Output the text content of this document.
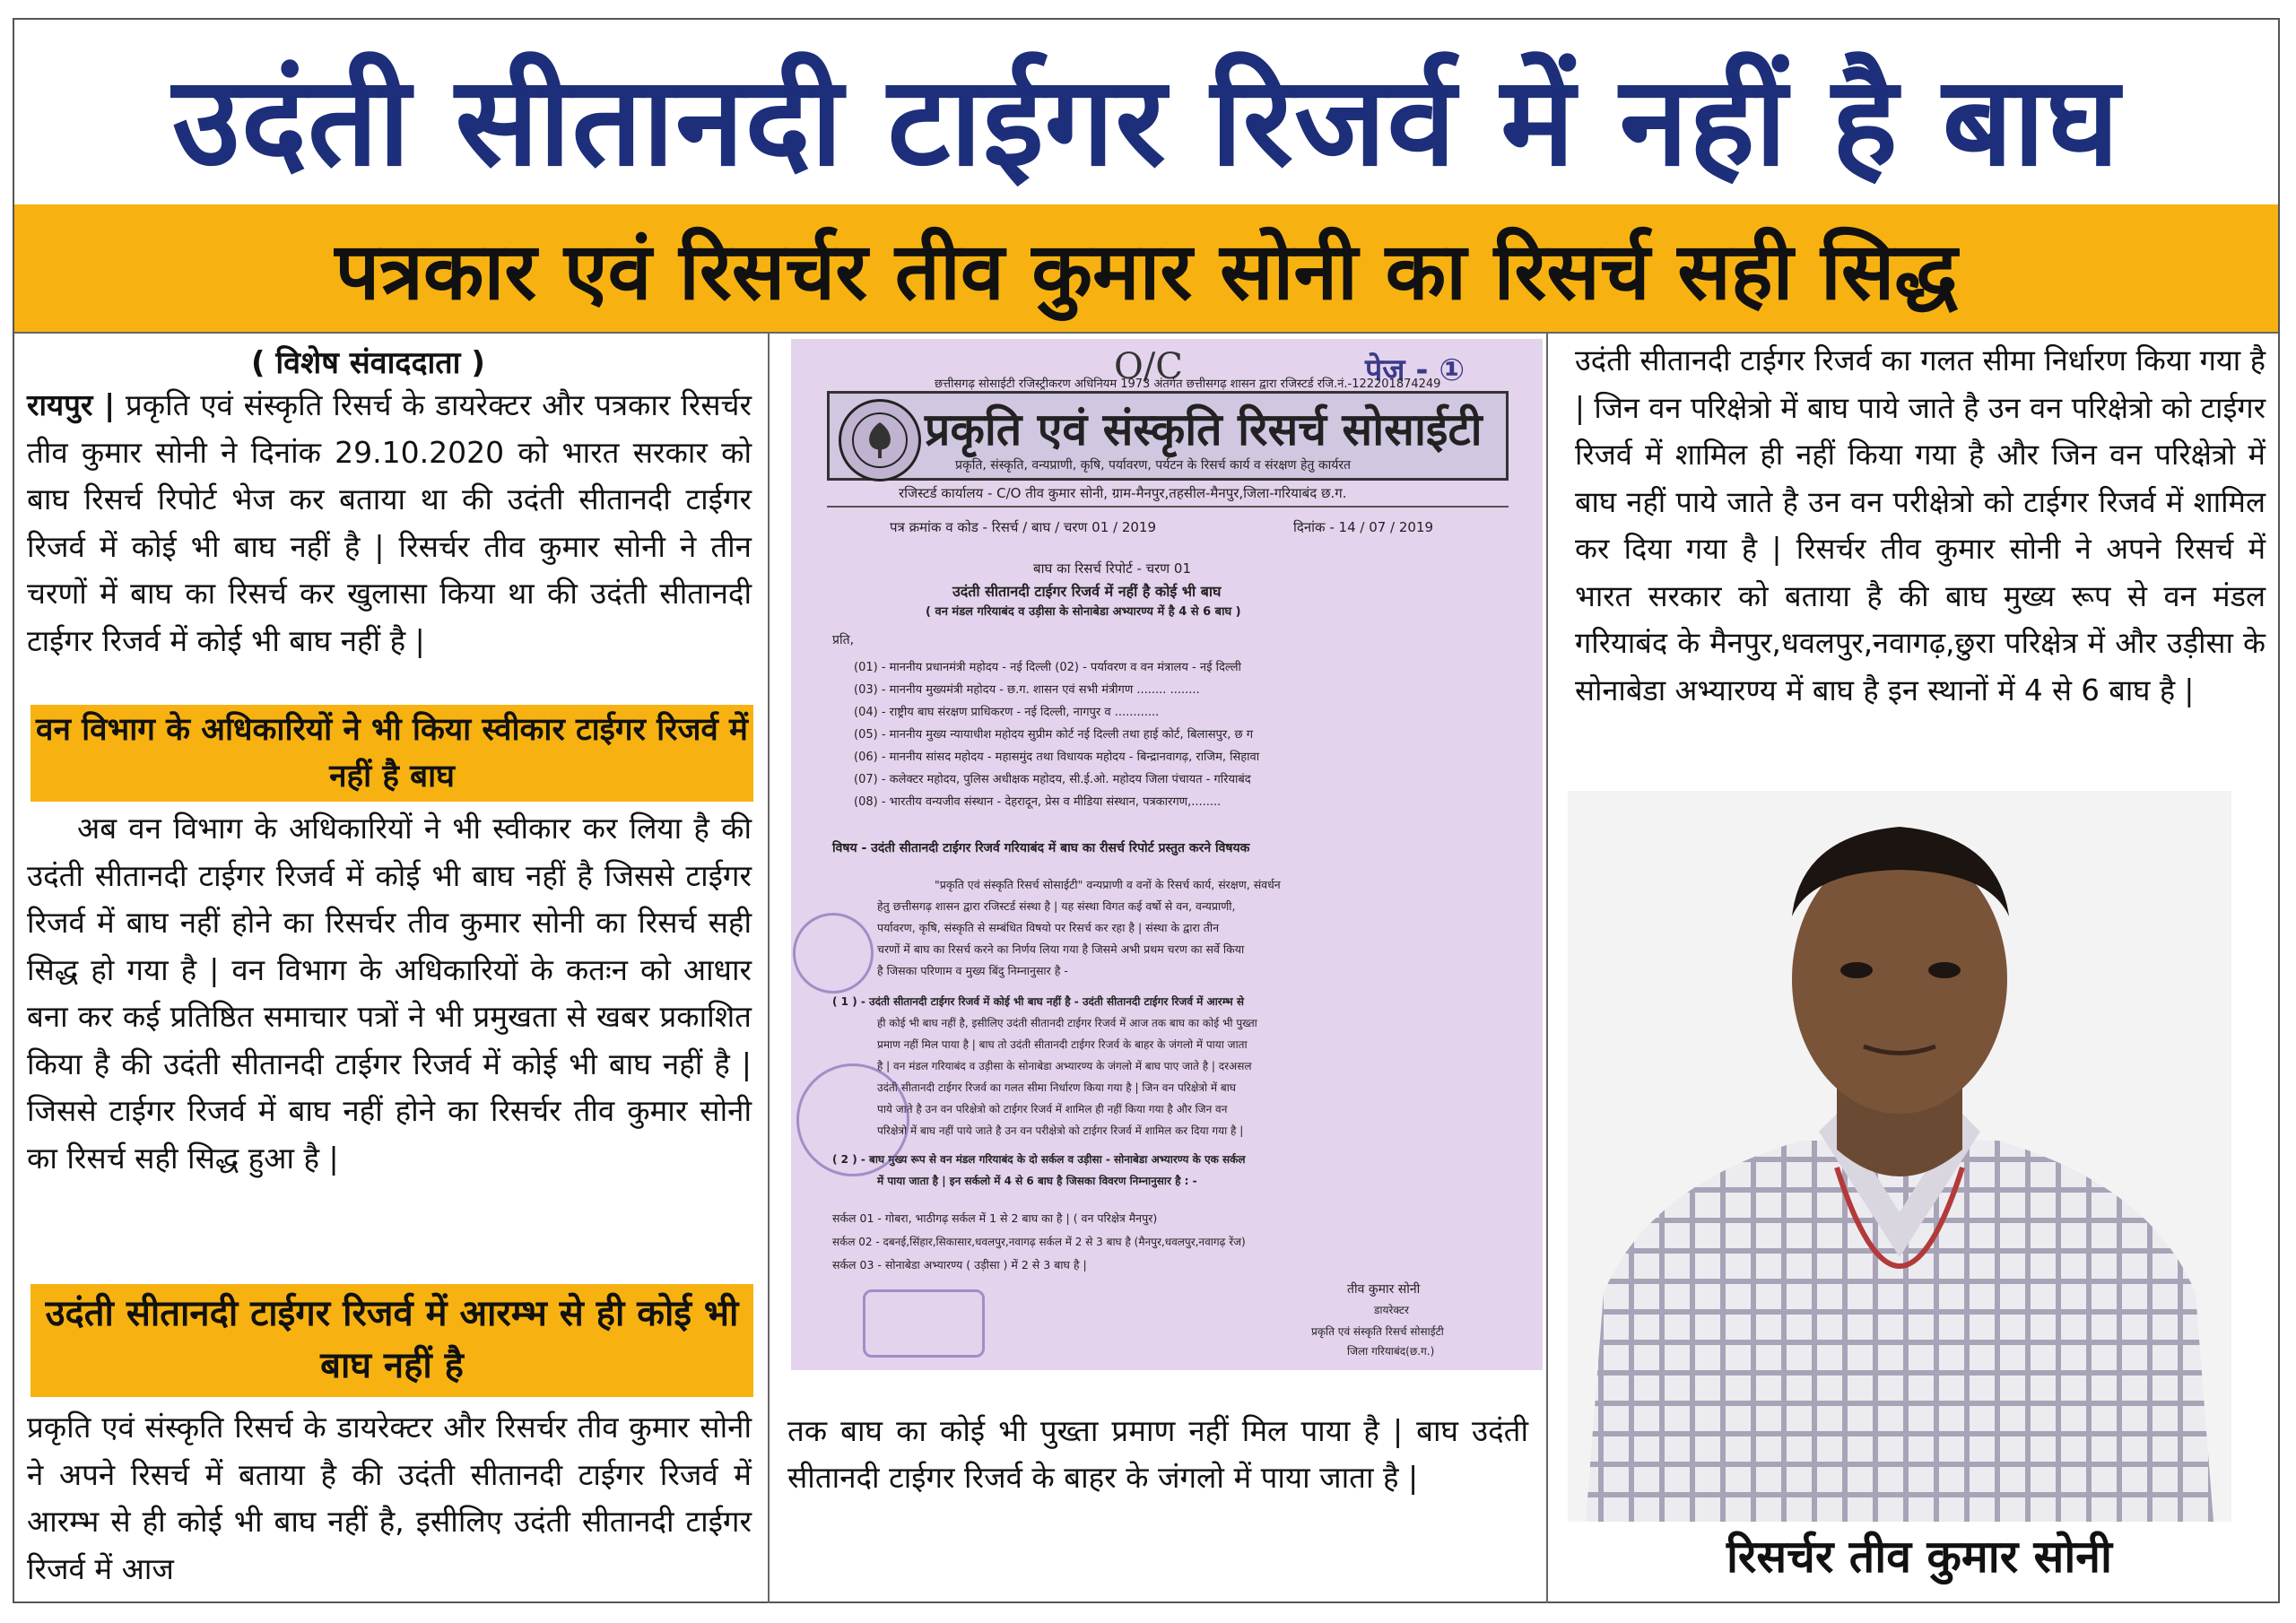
उदंती सीतानदी टाईगर रिजर्व में नहीं है बाघ
पत्रकार एवं रिसर्चर तीव कुमार सोनी का रिसर्च सही सिद्ध
( विशेष संवाददाता )
रायपुर | प्रकृति एवं संस्कृति रिसर्च के डायरेक्टर और पत्रकार रिसर्चर तीव कुमार सोनी ने दिनांक 29.10.2020 को भारत सरकार को बाघ रिसर्च रिपोर्ट भेज कर बताया था की उदंती सीतानदी टाईगर रिजर्व में कोई भी बाघ नहीं है | रिसर्चर तीव कुमार सोनी ने तीन चरणों में बाघ का रिसर्च कर खुलासा किया था की उदंती सीतानदी टाईगर रिजर्व में कोई भी बाघ नहीं है |
वन विभाग के अधिकारियों ने भी किया स्वीकार टाईगर रिजर्व में नहीं है बाघ
अब वन विभाग के अधिकारियों ने भी स्वीकार कर लिया है की उदंती सीतानदी टाईगर रिजर्व में कोई भी बाघ नहीं है जिससे टाईगर रिजर्व में बाघ नहीं होने का रिसर्चर तीव कुमार सोनी का रिसर्च सही सिद्ध हो गया है | वन विभाग के अधिकारियों के कतःन को आधार बना कर कई प्रतिष्ठित समाचार पत्रों ने भी प्रमुखता से खबर प्रकाशित किया है की उदंती सीतानदी टाईगर रिजर्व में कोई भी बाघ नहीं है | जिससे टाईगर रिजर्व में बाघ नहीं होने का रिसर्चर तीव कुमार सोनी का रिसर्च सही सिद्ध हुआ है |
उदंती सीतानदी टाईगर रिजर्व में आरम्भ से ही कोई भी बाघ नहीं है
प्रकृति एवं संस्कृति रिसर्च के डायरेक्टर और रिसर्चर तीव कुमार सोनी ने अपने रिसर्च में बताया है की उदंती सीतानदी टाईगर रिजर्व में आरम्भ से ही कोई भी बाघ नहीं है, इसीलिए उदंती सीतानदी टाईगर रिजर्व में आज
O/C	पेज - ①
छत्तीसगढ़ सोसाईटी रजिस्ट्रीकरण अधिनियम 1973 अंतर्गत छत्तीसगढ़ शासन द्वारा रजिस्टर्ड रजि.नं.-122201874249
प्रकृति एवं संस्कृति रिसर्च सोसाईटी
प्रकृति, संस्कृति, वन्यप्राणी, कृषि, पर्यावरण, पर्यटन के रिसर्च कार्य व संरक्षण हेतु कार्यरत
रजिस्टर्ड कार्यालय - C/O तीव कुमार सोनी, ग्राम-मैनपुर,तहसील-मैनपुर,जिला-गरियाबंद छ.ग.
पत्र क्रमांक व कोड - रिसर्च / बाघ / चरण 01 / 2019	दिनांक - 14 / 07 / 2019
बाघ का रिसर्च रिपोर्ट - चरण 01
उदंती सीतानदी टाईगर रिजर्व में नहीं है कोई भी बाघ
( वन मंडल गरियाबंद व उड़ीसा के सोनाबेडा अभ्यारण्य में है 4 से 6 बाघ )
प्रति,
(01) - माननीय प्रधानमंत्री महोदय - नई दिल्ली (02) - पर्यावरण व वन मंत्रालय - नई दिल्ली
(03) - माननीय मुख्यमंत्री महोदय - छ.ग. शासन एवं सभी मंत्रीगण ........ ........
(04) - राष्ट्रीय बाघ संरक्षण प्राधिकरण - नई दिल्ली, नागपुर व ............
(05) - माननीय मुख्य न्यायाधीश महोदय सुप्रीम कोर्ट नई दिल्ली तथा हाई कोर्ट, बिलासपुर, छ ग
(06) - माननीय सांसद महोदय - महासमुंद तथा विधायक महोदय - बिन्द्रानवागढ़, राजिम, सिहावा
(07) - कलेक्टर महोदय, पुलिस अधीक्षक महोदय, सी.ई.ओ. महोदय जिला पंचायत - गरियाबंद
(08) - भारतीय वन्यजीव संस्थान - देहरादून, प्रेस व मीडिया संस्थान, पत्रकारगण,........
विषय - उदंती सीतानदी टाईगर रिजर्व गरियाबंद में बाघ का रीसर्च रिपोर्ट प्रस्तुत करने विषयक
"प्रकृति एवं संस्कृति रिसर्च सोसाईटी" वन्यप्राणी व वनों के रिसर्च कार्य, संरक्षण, संवर्धन
हेतु छत्तीसगढ़ शासन द्वारा रजिस्टर्ड संस्था है | यह संस्था विगत कई वर्षो से वन, वन्यप्राणी,
पर्यावरण, कृषि, संस्कृति से सम्बंधित विषयो पर रिसर्च कर रहा है | संस्था के द्वारा तीन
चरणों में बाघ का रिसर्च करने का निर्णय लिया गया है जिसमे अभी प्रथम चरण का सर्वे किया
है जिसका परिणाम व मुख्य बिंदु निम्नानुसार है -
( 1 ) - उदंती सीतानदी टाईगर रिजर्व में कोई भी बाघ नहीं है - उदंती सीतानदी टाईगर रिजर्व में आरम्भ से
ही कोई भी बाघ नहीं है, इसीलिए उदंती सीतानदी टाईगर रिजर्व में आज तक बाघ का कोई भी पुख्ता
प्रमाण नहीं मिल पाया है | बाघ तो उदंती सीतानदी टाईगर रिजर्व के बाहर के जंगलो में पाया जाता
है | वन मंडल गरियाबंद व उड़ीसा के सोनाबेडा अभ्यारण्य के जंगलो में बाघ पाए जाते है | दरअसल
उदंती सीतानदी टाईगर रिजर्व का गलत सीमा निर्धारण किया गया है | जिन वन परिक्षेत्रो में बाघ
पाये जाते है उन वन परिक्षेत्रो को टाईगर रिजर्व में शामिल ही नहीं किया गया है और जिन वन
परिक्षेत्रो में बाघ नहीं पाये जाते है उन वन परीक्षेत्रो को टाईगर रिजर्व में शामिल कर दिया गया है |
( 2 ) - बाघ मुख्य रूप से वन मंडल गरियाबंद के दो सर्कल व उड़ीसा - सोनाबेडा अभ्यारण्य के एक सर्कल
में पाया जाता है | इन सर्कलो में 4 से 6 बाघ है जिसका विवरण निम्नानुसार है : -
सर्कल 01 - गोबरा, भाठीगढ़ सर्कल में 1 से 2 बाघ का है | ( वन परिक्षेत्र मैनपुर)
सर्कल 02 - दबनई,सिंहार,सिकासार,धवलपुर,नवागढ़ सर्कल में 2 से 3 बाघ है (मैनपुर,धवलपुर,नवागढ़ रेंज)
सर्कल 03 - सोनाबेडा अभ्यारण्य ( उड़ीसा ) में 2 से 3 बाघ है |
तीव कुमार सोनी
डायरेक्टर
प्रकृति एवं संस्कृति रिसर्च सोसाईटी
जिला गरियाबंद(छ.ग.)
तक बाघ का कोई भी पुख्ता प्रमाण नहीं मिल पाया है | बाघ उदंती सीतानदी टाईगर रिजर्व के बाहर के जंगलो में पाया जाता है |
उदंती सीतानदी टाईगर रिजर्व का गलत सीमा निर्धारण किया गया है | जिन वन परिक्षेत्रो में बाघ पाये जाते है उन वन परिक्षेत्रो को टाईगर रिजर्व में शामिल ही नहीं किया गया है और जिन वन परिक्षेत्रो में बाघ नहीं पाये जाते है उन वन परीक्षेत्रो को टाईगर रिजर्व में शामिल कर दिया गया है | रिसर्चर तीव कुमार सोनी ने अपने रिसर्च में भारत सरकार को बताया है की बाघ मुख्य रूप से वन मंडल गरियाबंद के मैनपुर,धवलपुर,नवागढ़,छुरा परिक्षेत्र में और उड़ीसा के सोनाबेडा अभ्यारण्य में बाघ है इन स्थानों में 4 से 6 बाघ है |
रिसर्चर तीव कुमार सोनी
